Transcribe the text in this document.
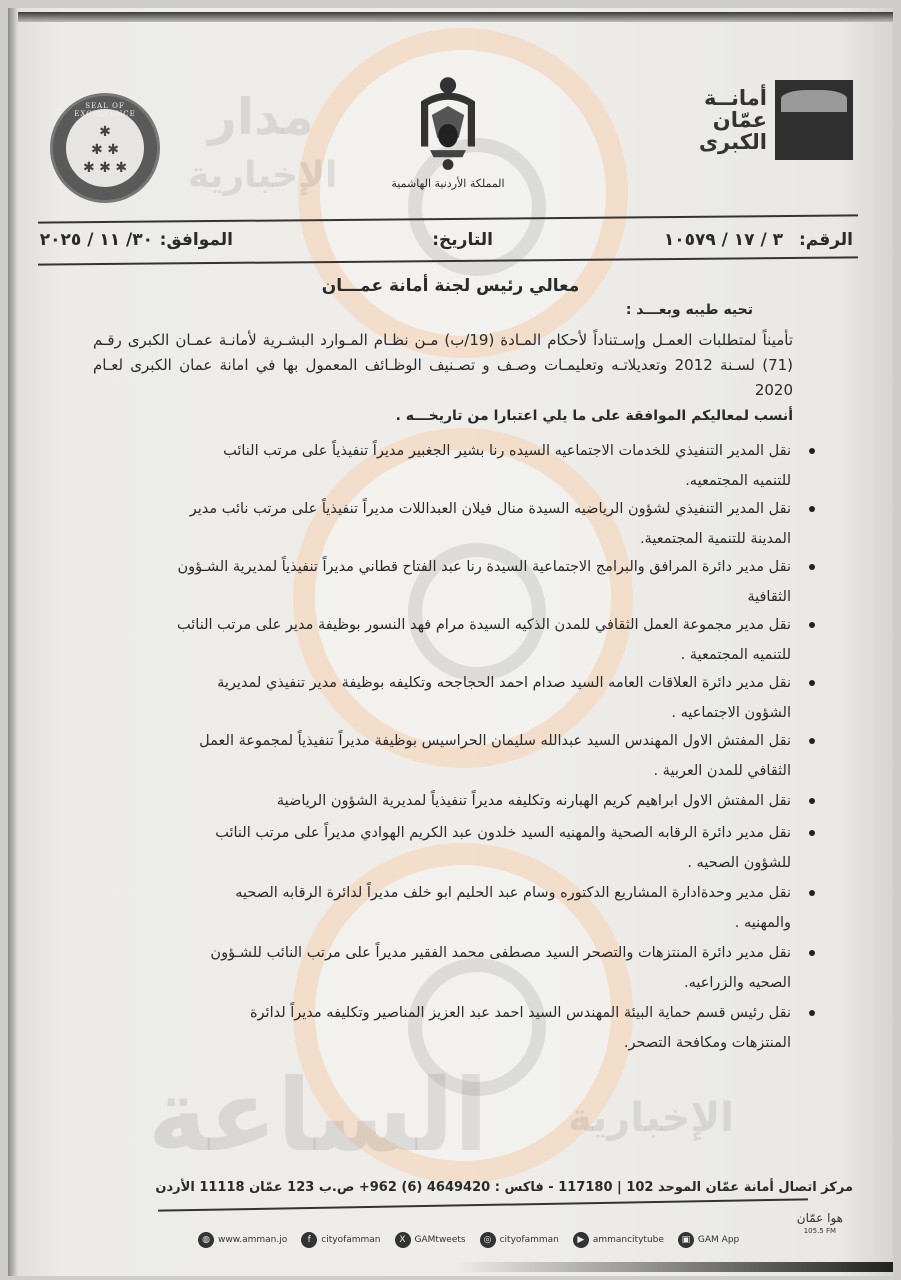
مدار
الإخبارية
الساعة الإخبارية
أمانــة
عمّان
الكبرى
المملكة الأردنية الهاشمية
SEAL OF EXCELLENCE
✱
✱ ✱
✱ ✱ ✱
الرقم:
٣ / ١٧ / ١٠٥٧٩
التاريخ:
الموافق:
٣٠/ ١١ / ٢٠٢٥
معالي رئيس لجنة أمانة عمـــان
تحيه طيبه وبعـــد :
تأميناً لمتطلبات العمـل وإسـتناداً لأحكام المـادة (19/ب) مـن نظـام المـوارد البشـرية لأمانـة عمـان الكبرى رقـم (71) لسـنة 2012 وتعديلاتـه وتعليمـات وصـف و تصـنيف الوظـائف المعمول بها في امانة عمان الكبرى لعـام 2020
أنسب لمعاليكم الموافقة على ما يلي اعتبارا من تاريخـــه .
نقل المدير التنفيذي للخدمات الاجتماعيه السيده رنا بشير الجغبير مديراً تنفيذياً على مرتب النائب
للتنميه المجتمعيه.
نقل المدير التنفيذي لشؤون الرياضيه السيدة منال فيلان العبداللات مديراً تنفيذياً على مرتب نائب مدير
المدينة للتنمية المجتمعية.
نقل مدير دائرة المرافق والبرامج الاجتماعية السيدة رنا عبد الفتاح قطاني مديراً تنفيذياً لمديرية الشـؤون
الثقافية
نقل مدير مجموعة العمل الثقافي للمدن الذكيه السيدة مرام فهد النسور بوظيفة مدير على مرتب النائب
للتنميه المجتمعية .
نقل مدير دائرة العلاقات العامه السيد صدام احمد الحجاجحه وتكليفه بوظيفة مدير تنفيذي لمديرية
الشؤون الاجتماعيه .
نقل المفتش الاول المهندس السيد عبدالله سليمان الحراسيس بوظيفة مديراً تنفيذياً لمجموعة العمل
الثقافي للمدن العربية .
نقل المفتش الاول ابراهيم كريم الهبارنه وتكليفه مديراً تنفيذياً لمديرية الشؤون الرياضية
نقل مدير دائرة الرقابه الصحية والمهنيه السيد خلدون عبد الكريم الهوادي مديراً على مرتب النائب
للشؤون الصحيه .
نقل مدير وحدةادارة المشاريع الدكتوره وسام عبد الحليم ابو خلف مديراً لدائرة الرقابه الصحيه
والمهنيه .
نقل مدير دائرة المنتزهات والتصحر السيد مصطفى محمد الفقير مديراً على مرتب النائب للشـؤون
الصحيه والزراعيه.
نقل رئيس قسم حماية البيئة المهندس السيد احمد عبد العزيز المناصير وتكليفه مديراً لدائرة
المنتزهات ومكافحة التصحر.
مركز اتصال أمانة عمّان الموحد 102 | 117180 - فاكس : 4649420 (6) 962+ ص.ب 123 عمّان 11118 الأردن
هوا عمّان
105.5 FM
◍ www.amman.jo	f	cityofamman	X GAMtweets	◎ cityofamman	▶ ammancitytube	▣ GAM App
